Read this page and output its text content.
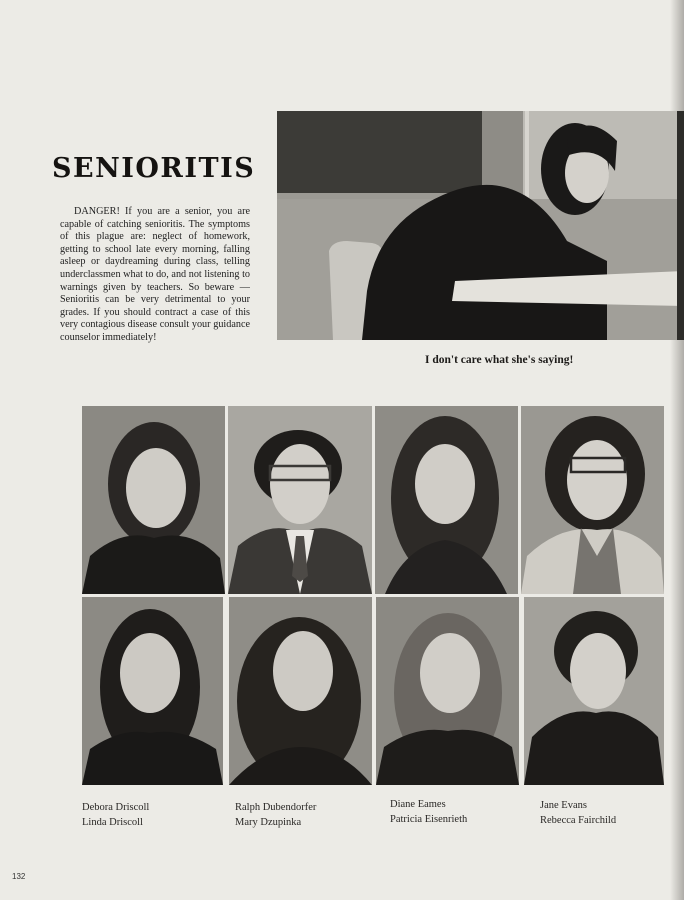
SENIORITIS

DANGER! If you are a senior, you are capable of catching senioritis. The symptoms of this plague are: neglect of homework, getting to school late every morning, falling asleep or daydreaming during class, telling underclassmen what to do, and not listening to warnings given by teachers. So beware — Senioritis can be very detrimental to your grades. If you should contract a case of this very contagious disease consult your guidance counselor immediately!

I don't care what she's saying!

Debora Driscoll
Linda Driscoll
Ralph Dubendorfer
Mary Dzupinka
Diane Eames
Patricia Eisenrieth
Jane Evans
Rebecca Fairchild
132
